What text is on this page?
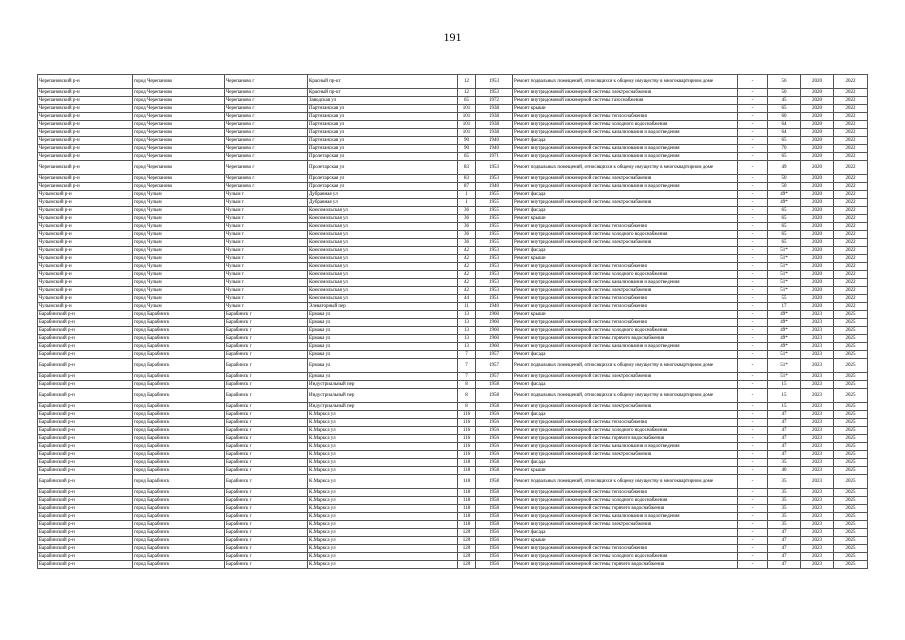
191
Черепановский р-н	город Черепаново	Черепаново г	Красный пр-кт	12	1953	Ремонт подвальных помещений, относящихся к общему имуществу в многоквартирном доме	-	56	2020	2022
Черепановский р-н	город Черепаново	Черепаново г	Красный пр-кт	12	1953	Ремонт внутридомовой инженерной системы электроснабжения	-	50	2020	2022
Черепановский р-н	город Черепаново	Черепаново г	Заводская ул	65	1972	Ремонт внутридомовой инженерной системы газоснабжения	-	45	2020	2022
Черепановский р-н	город Черепаново	Черепаново г	Партизанская ул	101	1938	Ремонт крыши	-	65	2020	2022
Черепановский р-н	город Черепаново	Черепаново г	Партизанская ул	101	1938	Ремонт внутридомовой инженерной системы теплоснабжения	-	60	2020	2022
Черепановский р-н	город Черепаново	Черепаново г	Партизанская ул	101	1938	Ремонт внутридомовой инженерной системы холодного водоснабжения	-	64	2020	2022
Черепановский р-н	город Черепаново	Черепаново г	Партизанская ул	101	1938	Ремонт внутридомовой инженерной системы канализования и водоотведения	-	64	2020	2022
Черепановский р-н	город Черепаново	Черепаново г	Партизанская ул	90	1940	Ремонт фасада	-	65	2020	2022
Черепановский р-н	город Черепаново	Черепаново г	Партизанская ул	90	1940	Ремонт внутридомовой инженерной системы канализования и водоотведения	-	70	2020	2022
Черепановский р-н	город Черепаново	Черепаново г	Пролетарская ул	65	1971	Ремонт внутридомовой инженерной системы канализования и водоотведения	-	65	2020	2022
Черепановский р-н	город Черепаново	Черепаново г	Пролетарская ул	83	1953	Ремонт подвальных помещений, относящихся к общему имуществу в многоквартирном доме	-	49	2020	2022
Черепановский р-н	город Черепаново	Черепаново г	Пролетарская ул	83	1953	Ремонт внутридомовой инженерной системы электроснабжения	-	50	2020	2022
Черепановский р-н	город Черепаново	Черепаново г	Пролетарская ул	87	1940	Ремонт внутридомовой инженерной системы канализования и водоотведения	-	50	2020	2022
Чулымский р-н	город Чулым	Чулым г	Дубравная ул	1	1955	Ремонт фасада	-	49*	2020	2022
Чулымский р-н	город Чулым	Чулым г	Дубравная ул	1	1955	Ремонт внутридомовой инженерной системы электроснабжения	-	49*	2020	2022
Чулымский р-н	город Чулым	Чулым г	Комсомольская ул	36	1955	Ремонт фасада	-	65	2020	2022
Чулымский р-н	город Чулым	Чулым г	Комсомольская ул	36	1955	Ремонт крыши	-	65	2020	2022
Чулымский р-н	город Чулым	Чулым г	Комсомольская ул	36	1955	Ремонт внутридомовой инженерной системы теплоснабжения	-	65	2020	2022
Чулымский р-н	город Чулым	Чулым г	Комсомольская ул	36	1955	Ремонт внутридомовой инженерной системы холодного водоснабжения	-	65	2020	2022
Чулымский р-н	город Чулым	Чулым г	Комсомольская ул	36	1955	Ремонт внутридомовой инженерной системы электроснабжения	-	65	2020	2022
Чулымский р-н	город Чулым	Чулым г	Комсомольская ул	42	1953	Ремонт фасада	-	51*	2020	2022
Чулымский р-н	город Чулым	Чулым г	Комсомольская ул	42	1953	Ремонт крыши	-	51*	2020	2022
Чулымский р-н	город Чулым	Чулым г	Комсомольская ул	42	1953	Ремонт внутридомовой инженерной системы теплоснабжения	-	51*	2020	2022
Чулымский р-н	город Чулым	Чулым г	Комсомольская ул	42	1953	Ремонт внутридомовой инженерной системы холодного водоснабжения	-	51*	2020	2022
Чулымский р-н	город Чулым	Чулым г	Комсомольская ул	42	1953	Ремонт внутридомовой инженерной системы канализования и водоотведения	-	51*	2020	2022
Чулымский р-н	город Чулым	Чулым г	Комсомольская ул	42	1953	Ремонт внутридомовой инженерной системы электроснабжения	-	51*	2020	2022
Чулымский р-н	город Чулым	Чулым г	Комсомольская ул	44	1951	Ремонт внутридомовой инженерной системы теплоснабжения	-	55	2020	2022
Чулымский р-н	город Чулым	Чулым г	Элеваторный пер	11	1940	Ремонт внутридомовой инженерной системы теплоснабжения	-	17	2020	2022
Барабинский р-н	город Барабинск	Барабинск г	Ермака ул	13	1960	Ремонт крыши	-	49*	2023	2025
Барабинский р-н	город Барабинск	Барабинск г	Ермака ул	13	1960	Ремонт внутридомовой инженерной системы теплоснабжения	-	49*	2023	2025
Барабинский р-н	город Барабинск	Барабинск г	Ермака ул	13	1960	Ремонт внутридомовой инженерной системы холодного водоснабжения	-	49*	2023	2025
Барабинский р-н	город Барабинск	Барабинск г	Ермака ул	13	1960	Ремонт внутридомовой инженерной системы горячего водоснабжения	-	49*	2023	2025
Барабинский р-н	город Барабинск	Барабинск г	Ермака ул	13	1960	Ремонт внутридомовой инженерной системы канализования и водоотведения	-	49*	2023	2025
Барабинский р-н	город Барабинск	Барабинск г	Ермака ул	7	1957	Ремонт фасада	-	51*	2023	2025
Барабинский р-н	город Барабинск	Барабинск г	Ермака ул	7	1957	Ремонт подвальных помещений, относящихся к общему имуществу в многоквартирном доме	-	51*	2023	2025
Барабинский р-н	город Барабинск	Барабинск г	Ермака ул	7	1957	Ремонт внутридомовой инженерной системы электроснабжения	-	51*	2023	2025
Барабинский р-н	город Барабинск	Барабинск г	Индустриальный пер	8	1958	Ремонт фасада	-	15	2023	2025
Барабинский р-н	город Барабинск	Барабинск г	Индустриальный пер	8	1958	Ремонт подвальных помещений, относящихся к общему имуществу в многоквартирном доме	-	15	2023	2025
Барабинский р-н	город Барабинск	Барабинск г	Индустриальный пер	8	1958	Ремонт внутридомовой инженерной системы электроснабжения	-	15	2023	2025
Барабинский р-н	город Барабинск	Барабинск г	К.Маркса ул	116	1956	Ремонт фасада	-	47	2023	2025
Барабинский р-н	город Барабинск	Барабинск г	К.Маркса ул	116	1956	Ремонт внутридомовой инженерной системы теплоснабжения	-	47	2023	2025
Барабинский р-н	город Барабинск	Барабинск г	К.Маркса ул	116	1956	Ремонт внутридомовой инженерной системы холодного водоснабжения	-	47	2023	2025
Барабинский р-н	город Барабинск	Барабинск г	К.Маркса ул	116	1956	Ремонт внутридомовой инженерной системы горячего водоснабжения	-	47	2023	2025
Барабинский р-н	город Барабинск	Барабинск г	К.Маркса ул	116	1956	Ремонт внутридомовой инженерной системы канализования и водоотведения	-	47	2023	2025
Барабинский р-н	город Барабинск	Барабинск г	К.Маркса ул	116	1956	Ремонт внутридомовой инженерной системы электроснабжения	-	47	2023	2025
Барабинский р-н	город Барабинск	Барабинск г	К.Маркса ул	118	1958	Ремонт фасада	-	35	2023	2025
Барабинский р-н	город Барабинск	Барабинск г	К.Маркса ул	118	1958	Ремонт крыши	-	40	2023	2025
Барабинский р-н	город Барабинск	Барабинск г	К.Маркса ул	118	1958	Ремонт подвальных помещений, относящихся к общему имуществу в многоквартирном доме	-	35	2023	2025
Барабинский р-н	город Барабинск	Барабинск г	К.Маркса ул	118	1958	Ремонт внутридомовой инженерной системы теплоснабжения	-	35	2023	2025
Барабинский р-н	город Барабинск	Барабинск г	К.Маркса ул	118	1958	Ремонт внутридомовой инженерной системы холодного водоснабжения	-	35	2023	2025
Барабинский р-н	город Барабинск	Барабинск г	К.Маркса ул	118	1958	Ремонт внутридомовой инженерной системы горячего водоснабжения	-	35	2023	2025
Барабинский р-н	город Барабинск	Барабинск г	К.Маркса ул	118	1958	Ремонт внутридомовой инженерной системы канализования и водоотведения	-	35	2023	2025
Барабинский р-н	город Барабинск	Барабинск г	К.Маркса ул	118	1958	Ремонт внутридомовой инженерной системы электроснабжения	-	35	2023	2025
Барабинский р-н	город Барабинск	Барабинск г	К.Маркса ул	120	1956	Ремонт фасада	-	47	2023	2025
Барабинский р-н	город Барабинск	Барабинск г	К.Маркса ул	120	1956	Ремонт крыши	-	47	2023	2025
Барабинский р-н	город Барабинск	Барабинск г	К.Маркса ул	120	1956	Ремонт внутридомовой инженерной системы теплоснабжения	-	47	2023	2025
Барабинский р-н	город Барабинск	Барабинск г	К.Маркса ул	120	1956	Ремонт внутридомовой инженерной системы холодного водоснабжения	-	47	2023	2025
Барабинский р-н	город Барабинск	Барабинск г	К.Маркса ул	120	1956	Ремонт внутридомовой инженерной системы горячего водоснабжения	-	47	2023	2025
